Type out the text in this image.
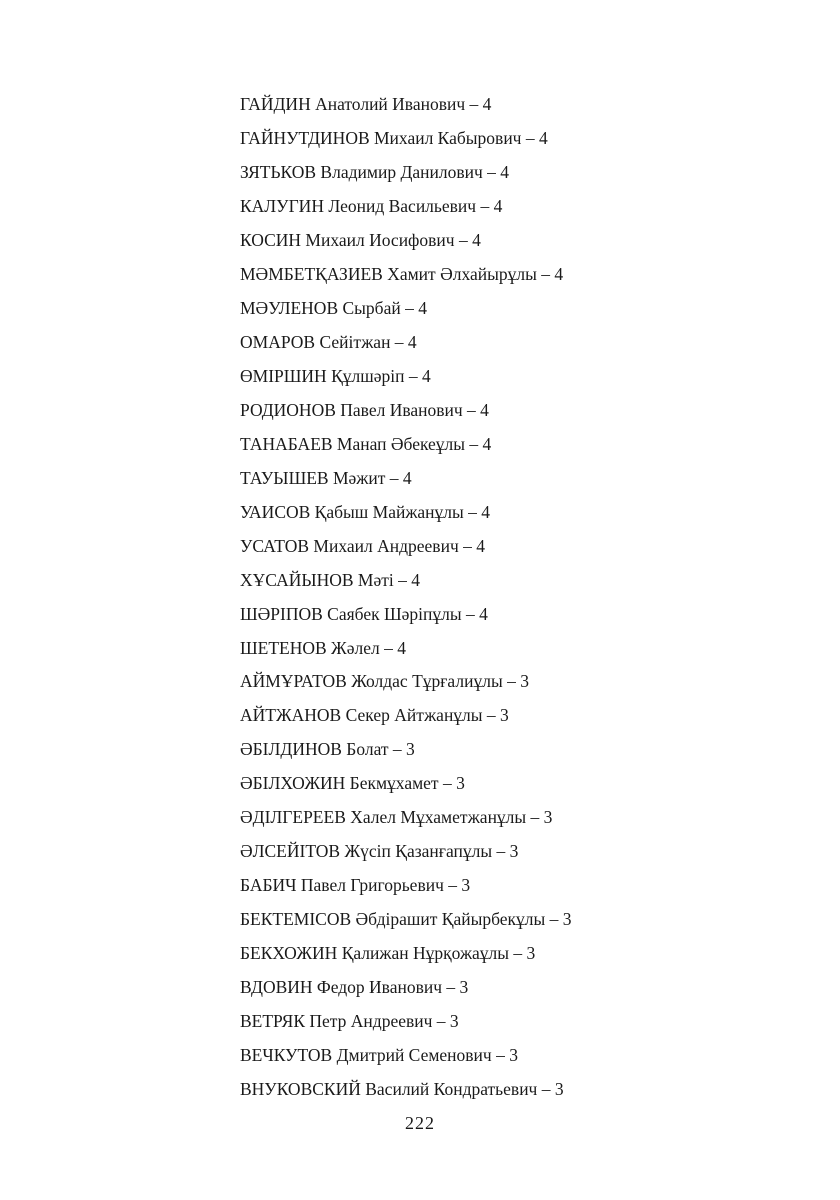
ГАЙДИН Анатолий Иванович – 4
ГАЙНУТДИНОВ Михаил Кабырович – 4
ЗЯТЬКОВ Владимир Данилович – 4
КАЛУГИН Леонид Васильевич – 4
КОСИН Михаил Иосифович – 4
МӘМБЕТҚАЗИЕВ Хамит Әлхайырұлы – 4
МӘУЛЕНОВ Сырбай – 4
ОМАРОВ Сейітжан – 4
ӨМІРШИН Құлшәріп – 4
РОДИОНОВ Павел Иванович – 4
ТАНАБАЕВ Манап Әбекеұлы – 4
ТАУЫШЕВ Мәжит – 4
УАИСОВ Қабыш Майжанұлы – 4
УСАТОВ Михаил Андреевич – 4
ХҰСАЙЫНОВ Мәті – 4
ШӘРІПОВ Саябек Шәріпұлы – 4
ШЕТЕНОВ Жәлел – 4
АЙМҰРАТОВ Жолдас Тұрғалиұлы – 3
АЙТЖАНОВ Секер Айтжанұлы – 3
ӘБІЛДИНОВ Болат – 3
ӘБІЛХОЖИН Бекмұхамет – 3
ӘДІЛГЕРЕЕВ Халел Мұхаметжанұлы – 3
ӘЛСЕЙІТОВ Жүсіп Қазанғапұлы – 3
БАБИЧ Павел Григорьевич – 3
БЕКТЕМІСОВ Әбдірашит Қайырбекұлы – 3
БЕКХОЖИН Қалижан Нұрқожаұлы – 3
ВДОВИН Федор Иванович – 3
ВЕТРЯК Петр Андреевич – 3
ВЕЧКУТОВ Дмитрий Семенович – 3
ВНУКОВСКИЙ Василий Кондратьевич – 3
222
